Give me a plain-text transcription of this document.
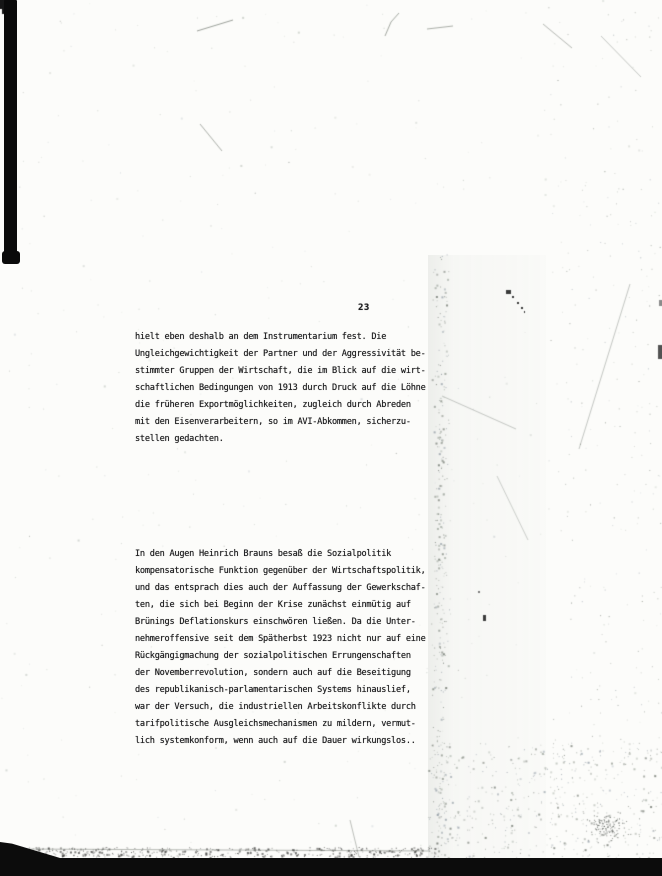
23
hielt eben deshalb an dem Instrumentarium fest. Die
Ungleichgewichtigkeit der Partner und der Aggressivität be-
stimmter Gruppen der Wirtschaft, die im Blick auf die wirt-
schaftlichen Bedingungen von 1913 durch Druck auf die Löhne
die früheren Exportmöglichkeiten, zugleich durch Abreden
mit den Eisenverarbeitern, so im AVI-Abkommen, sicherzu-
stellen gedachten.
In den Augen Heinrich Brauns besaß die Sozialpolitik
kompensatorische Funktion gegenüber der Wirtschaftspolitik,
und das entsprach dies auch der Auffassung der Gewerkschaf-
ten, die sich bei Beginn der Krise zunächst einmütig auf
Brünings Deflationskurs einschwören ließen. Da die Unter-
nehmeroffensive seit dem Spätherbst 1923 nicht nur auf eine
Rückgängigmachung der sozialpolitischen Errungenschaften
der Novemberrevolution, sondern auch auf die Beseitigung
des republikanisch-parlamentarischen Systems hinauslief,
war der Versuch, die industriellen Arbeitskonflikte durch
tarifpolitische Ausgleichsmechanismen zu mildern, vermut-
lich systemkonform, wenn auch auf die Dauer wirkungslos..
